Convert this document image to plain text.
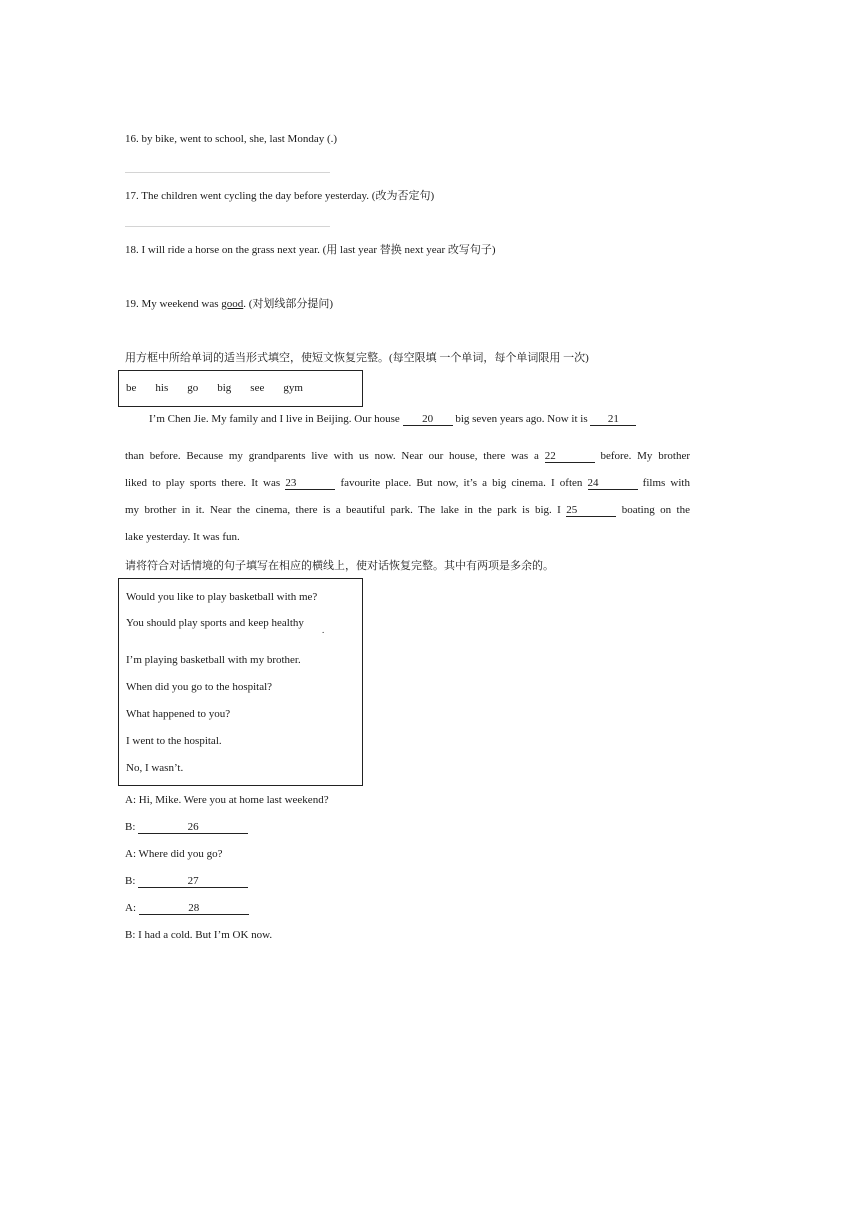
16. by bike, went to school, she, last Monday (.)
17. The children went cycling the day before yesterday. (改为否定句)
18. I will ride a horse on the grass next year. (用 last year 替换 next year 改写句子)
19. My weekend was good. (对划线部分提问)
用方框中所给单词的适当形式填空，使短文恢复完整。(每空限填 一个单词，每个单词限用 一次)
be his go big see gym
I’m Chen Jie. My family and I live in Beijing. Our house 20 big seven years ago. Now it is 21
than before. Because my grandparents live with us now. Near our house, there was a 22	before. My brother
liked to play sports there. It was 23	favourite place. But now, it’s a big cinema. I often 24	films with
my brother in it. Near the cinema, there is a beautiful park. The lake in the park is big. I 25	boating on the
lake yesterday. It was fun.
请将符合对话情境的句子填写在相应的横线上，使对话恢复完整。其中有两项是多余的。
Would you like to play basketball with me?
You should play sports and keep healthy
.
I’m playing basketball with my brother.
When did you go to the hospital?
What happened to you?
I went to the hospital.
No, I wasn’t.
A: Hi, Mike. Were you at home last weekend?
B:	26
A: Where did you go?
B:	27
A:	28
B: I had a cold. But I’m OK now.
